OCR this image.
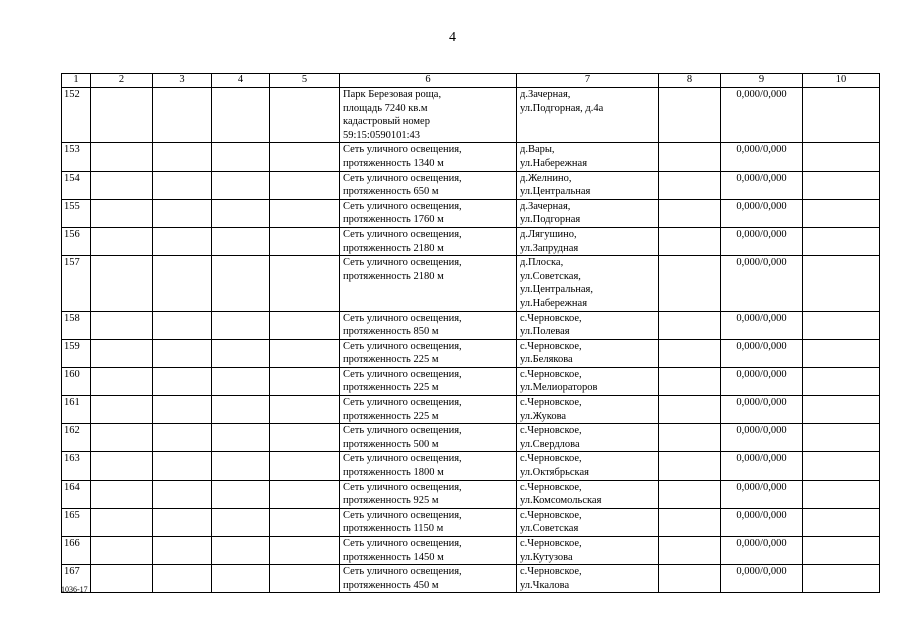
4
1	2	3	4	5	6	7	8	9	10
152					Парк Березовая роща,
площадь 7240 кв.м
кадастровый номер
59:15:0590101:43	д.Зачерная,
ул.Подгорная, д.4а		0,000/0,000	
153					Сеть уличного освещения,
протяженность 1340 м	д.Вары,
ул.Набережная		0,000/0,000	
154					Сеть уличного освещения,
протяженность 650 м	д.Желнино,
ул.Центральная		0,000/0,000	
155					Сеть уличного освещения,
протяженность 1760 м	д.Зачерная,
ул.Подгорная		0,000/0,000	
156					Сеть уличного освещения,
протяженность 2180 м	д.Лягушино,
ул.Запрудная		0,000/0,000	
157					Сеть уличного освещения,
протяженность 2180 м	д.Плоска,
ул.Советская,
ул.Центральная,
ул.Набережная		0,000/0,000	
158					Сеть уличного освещения,
протяженность 850 м	с.Черновское,
ул.Полевая		0,000/0,000	
159					Сеть уличного освещения,
протяженность 225 м	с.Черновское,
ул.Белякова		0,000/0,000	
160					Сеть уличного освещения,
протяженность 225 м	с.Черновское,
ул.Мелиораторов		0,000/0,000	
161					Сеть уличного освещения,
протяженность 225 м	с.Черновское,
ул.Жукова		0,000/0,000	
162					Сеть уличного освещения,
протяженность 500 м	с.Черновское,
ул.Свердлова		0,000/0,000	
163					Сеть уличного освещения,
протяженность 1800 м	с.Черновское,
ул.Октябрьская		0,000/0,000	
164					Сеть уличного освещения,
протяженность 925 м	с.Черновское,
ул.Комсомольская		0,000/0,000	
165					Сеть уличного освещения,
протяженность 1150 м	с.Черновское,
ул.Советская		0,000/0,000	
166					Сеть уличного освещения,
протяженность 1450 м	с.Черновское,
ул.Кутузова		0,000/0,000	
167					Сеть уличного освещения,
протяженность 450 м	с.Черновское,
ул.Чкалова		0,000/0,000	
1036-17
